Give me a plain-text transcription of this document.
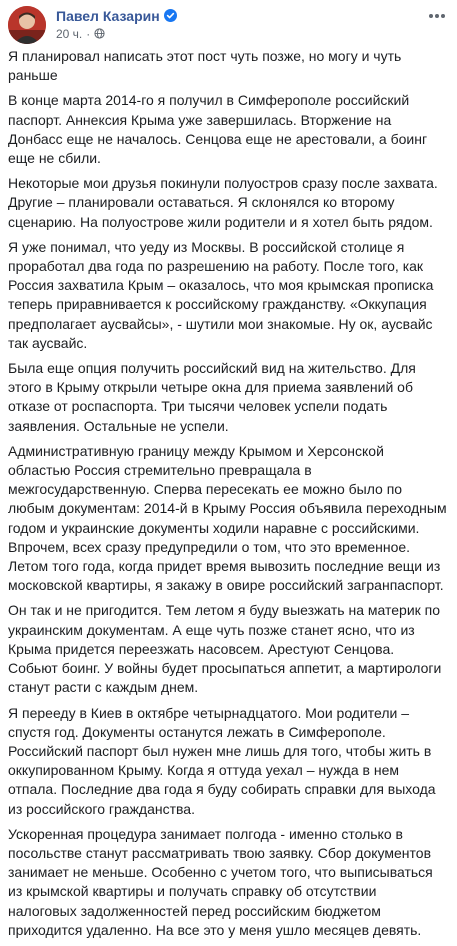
Павел Казарин
20 ч. ·

Я планировал написать этот пост чуть позже, но могу и чуть раньше

В конце марта 2014-го я получил в Симферополе российский паспорт. Аннексия Крыма уже завершилась. Вторжение на Донбасс еще не началось. Сенцова еще не арестовали, а боинг еще не сбили.

Некоторые мои друзья покинули полуостров сразу после захвата. Другие – планировали оставаться. Я склонялся ко второму сценарию. На полуострове жили родители и я хотел быть рядом.

Я уже понимал, что уеду из Москвы. В российской столице я проработал два года по разрешению на работу. После того, как Россия захватила Крым – оказалось, что моя крымская прописка теперь приравнивается к российскому гражданству. «Оккупация предполагает аусвайсы», - шутили мои знакомые. Ну ок, аусвайс так аусвайс.

Была еще опция получить российский вид на жительство. Для этого в Крыму открыли четыре окна для приема заявлений об отказе от роспаспорта. Три тысячи человек успели подать заявления. Остальные не успели.

Административную границу между Крымом и Херсонской областью Россия стремительно превращала в межгосударственную. Сперва пересекать ее можно было по любым документам: 2014-й в Крыму Россия объявила переходным годом и украинские документы ходили наравне с российскими. Впрочем, всех сразу предупредили о том, что это временное. Летом того года, когда придет время вывозить последние вещи из московской квартиры, я закажу в овире российский загранпаспорт.

Он так и не пригодится. Тем летом я буду выезжать на материк по украинским документам. А еще чуть позже станет ясно, что из Крыма придется переезжать насовсем. Арестуют Сенцова. Собьют боинг. У войны будет просыпаться аппетит, а мартирологи станут расти с каждым днем.

Я перееду в Киев в октябре четырнадцатого. Мои родители – спустя год. Документы останутся лежать в Симферополе. Российский паспорт был нужен мне лишь для того, чтобы жить в оккупированном Крыму. Когда я оттуда уехал – нужда в нем отпала. Последние два года я буду собирать справки для выхода из российского гражданства.

Ускоренная процедура занимает полгода - именно столько в посольстве станут рассматривать твою заявку. Сбор документов занимает не меньше. Особенно с учетом того, что выписываться из крымской квартиры и получать справку об отсутствии налоговых задолженностей перед российским бюджетом приходится удаленно. На все это у меня ушло месяцев девять.
